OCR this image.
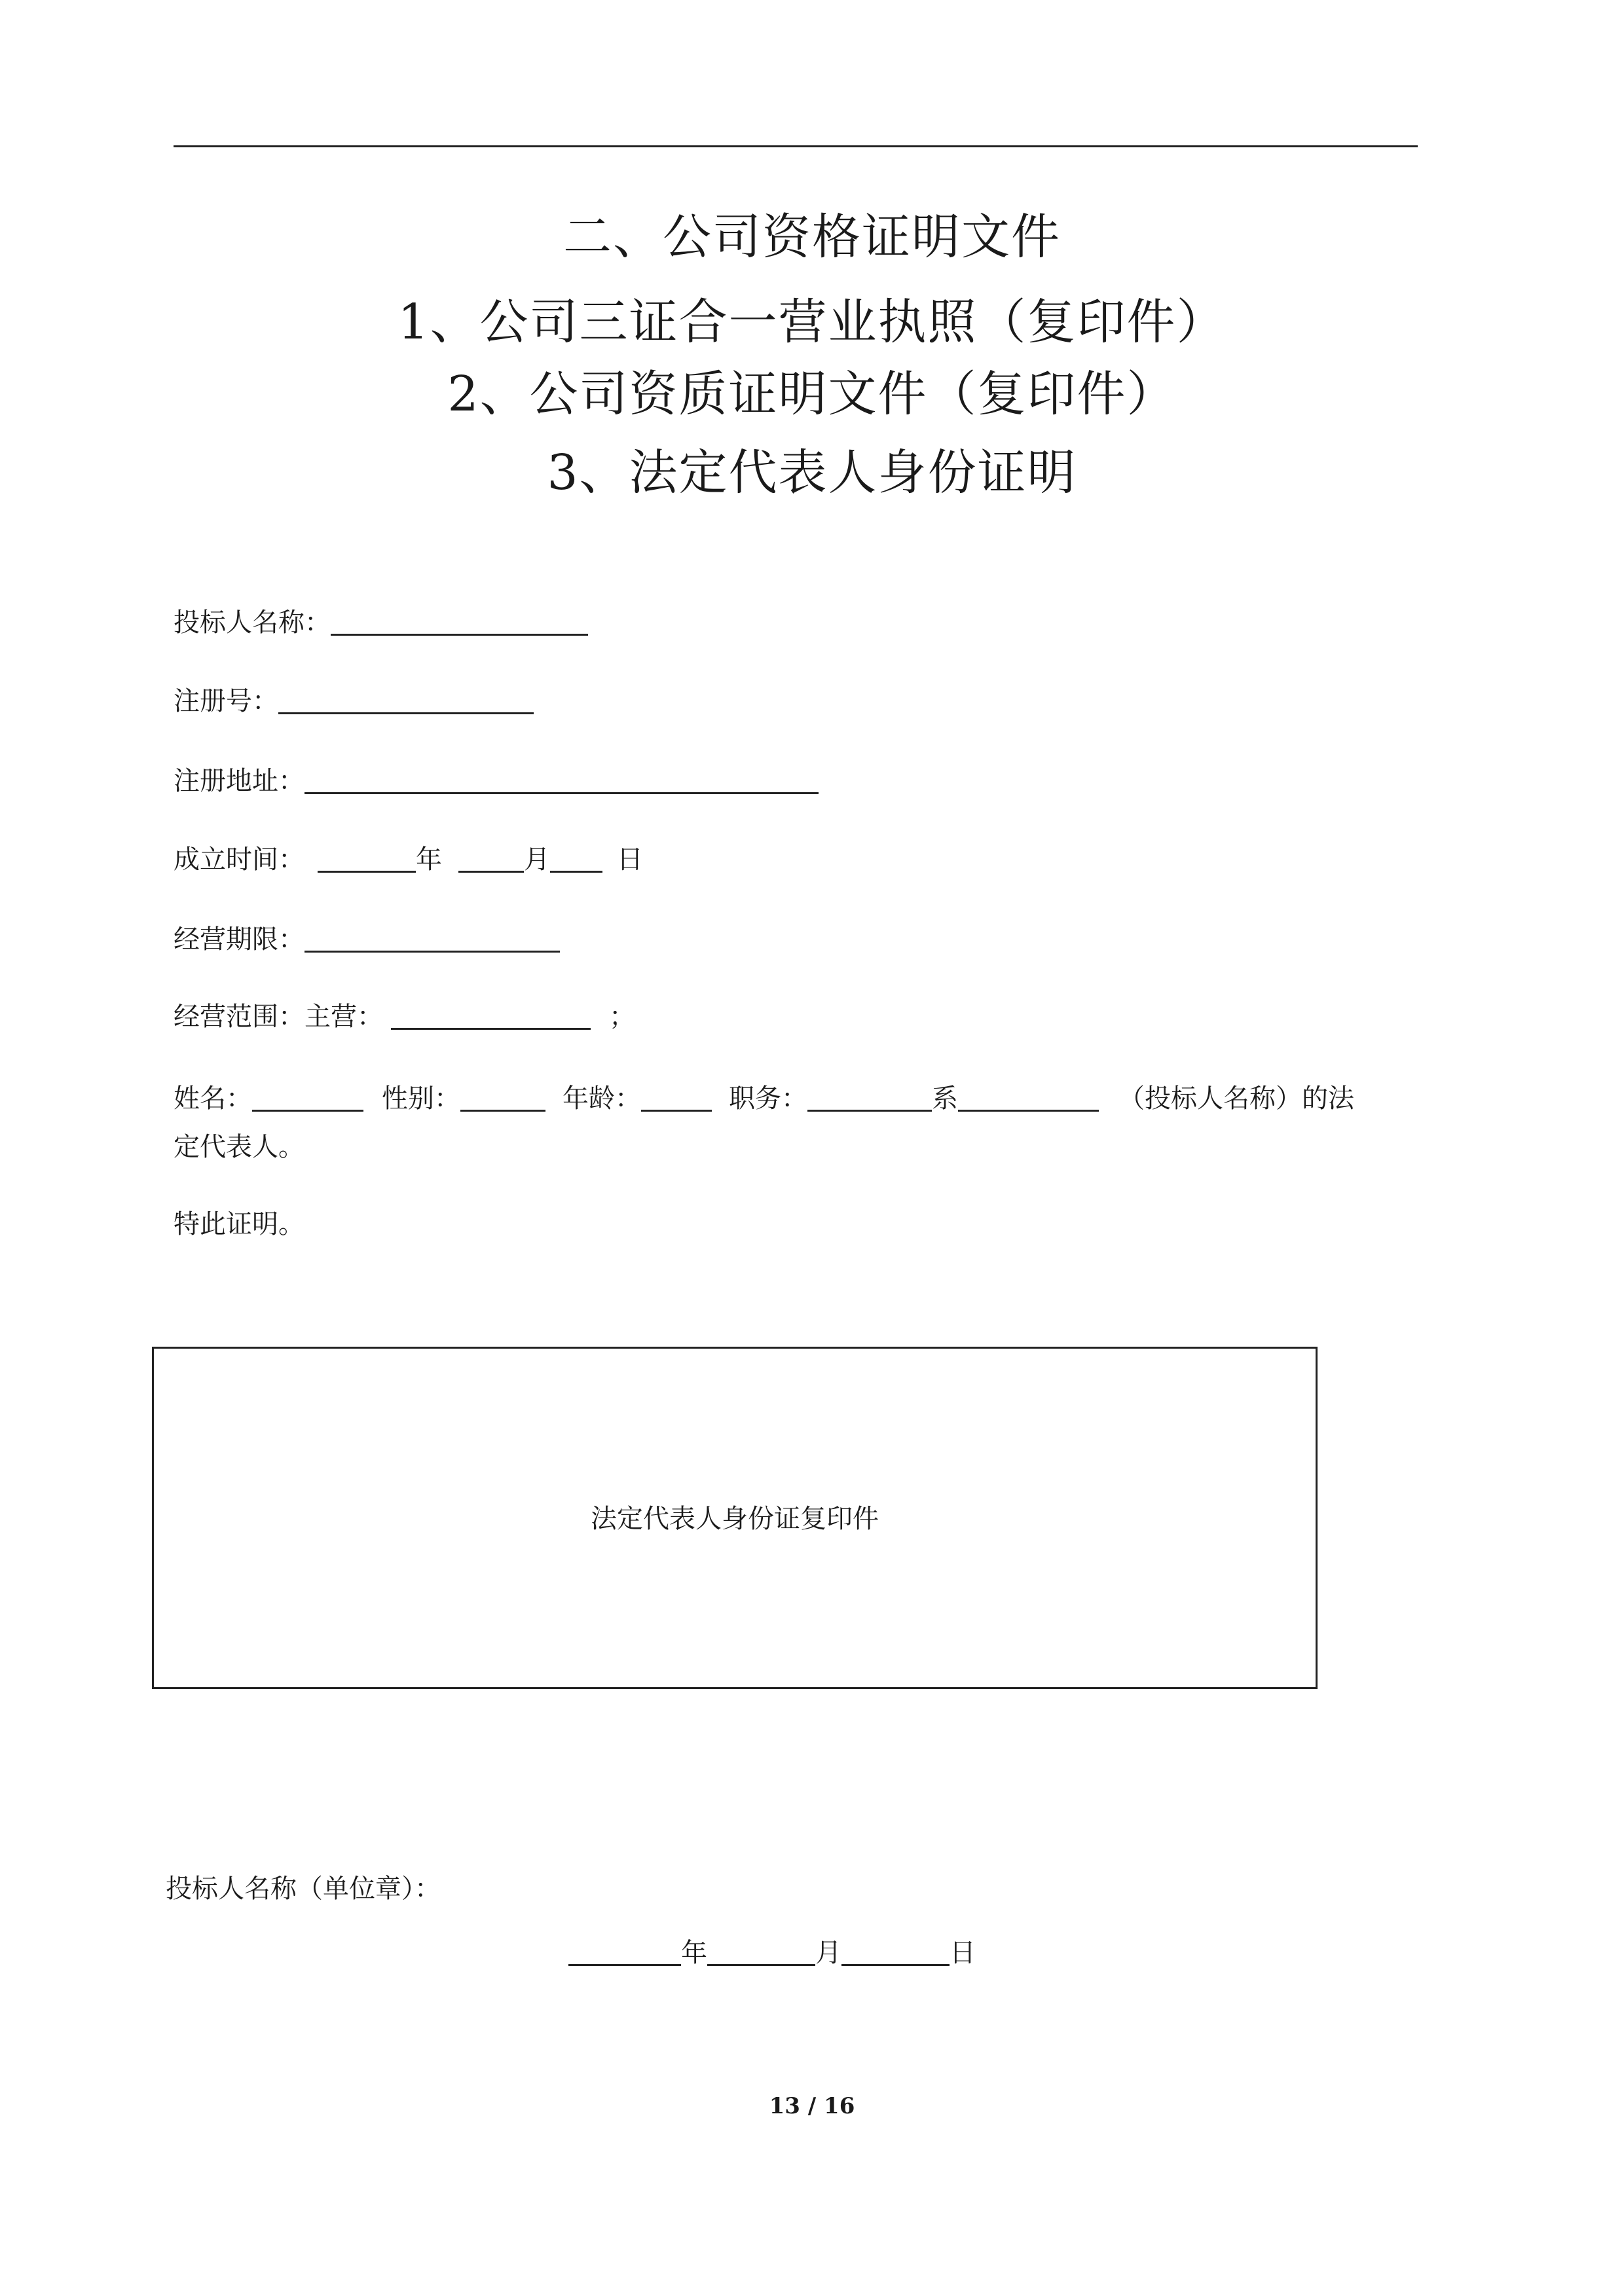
二、公司资格证明文件
1、公司三证合一营业执照（复印件）
2、公司资质证明文件（复印件）
3、法定代表人身份证明
投标人名称：
注册号：
注册地址：
成立时间：	年	月	日
经营期限：
经营范围：主营：	；
姓名：	性别：	年龄：	职务：	系	（投标人名称）的法
定代表人。
特此证明。
法定代表人身份证复印件
投标人名称（单位章）：
年	月	日
13 / 16
